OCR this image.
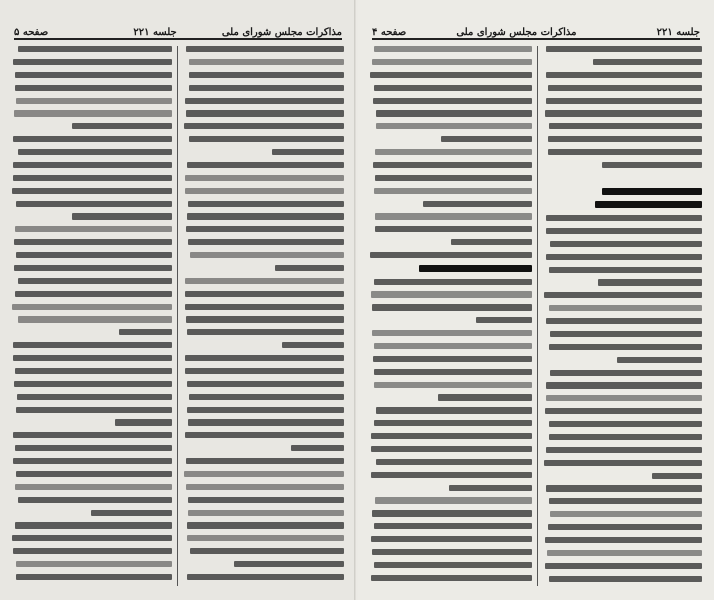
مذاکرات مجلس شورای ملی
جلسه ۲۲۱
صفحه ۵	جلسه ۲۲۱
مذاکرات مجلس شورای ملی
صفحه ۴
